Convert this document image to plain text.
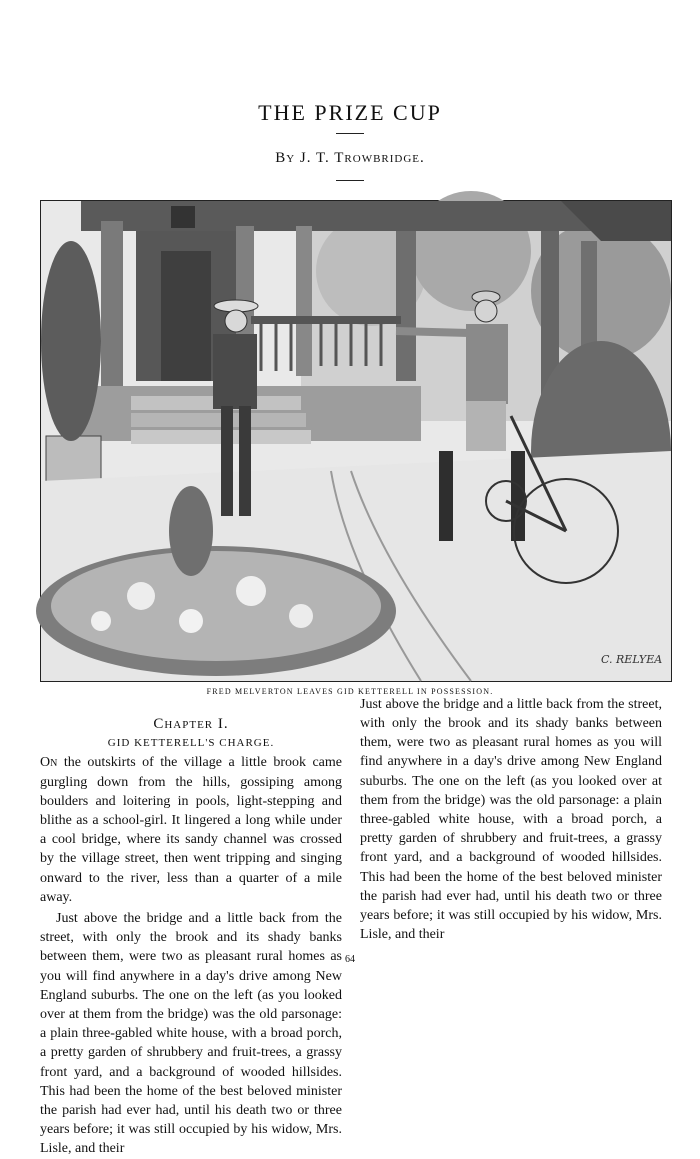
THE PRIZE CUP
By J. T. Trowbridge.
C. RELYEA
FRED MELVERTON LEAVES GID KETTERELL IN POSSESSION.

Chapter I.

GID KETTERELL'S CHARGE.

On the outskirts of the village a little brook came gurgling down from the hills, gossiping among boulders and loitering in pools, light-stepping and blithe as a school-girl. It lingered a long while under a cool bridge, where its sandy channel was crossed by the village street, then went tripping and singing onward to the river, less than a quarter of a mile away.

Just above the bridge and a little back from the street, with only the brook and its shady banks between them, were two as pleasant rural homes as you will find anywhere in a day's drive among New England suburbs. The one on the left (as you looked over at them from the bridge) was the old parsonage: a plain three-gabled white house, with a broad porch, a pretty garden of shrubbery and fruit-trees, a grassy front yard, and a background of wooded hillsides. This had been the home of the best beloved minister the parish had ever had, until his death two or three years before; it was still occupied by his widow, Mrs. Lisle, and their

Just above the bridge and a little back from the street, with only the brook and its shady banks between them, were two as pleasant rural homes as you will find anywhere in a day's drive among New England suburbs. The one on the left (as you looked over at them from the bridge) was the old parsonage: a plain three-gabled white house, with a broad porch, a pretty garden of shrubbery and fruit-trees, a grassy front yard, and a background of wooded hillsides. This had been the home of the best beloved minister the parish had ever had, until his death two or three years before; it was still occupied by his widow, Mrs. Lisle, and their

64
